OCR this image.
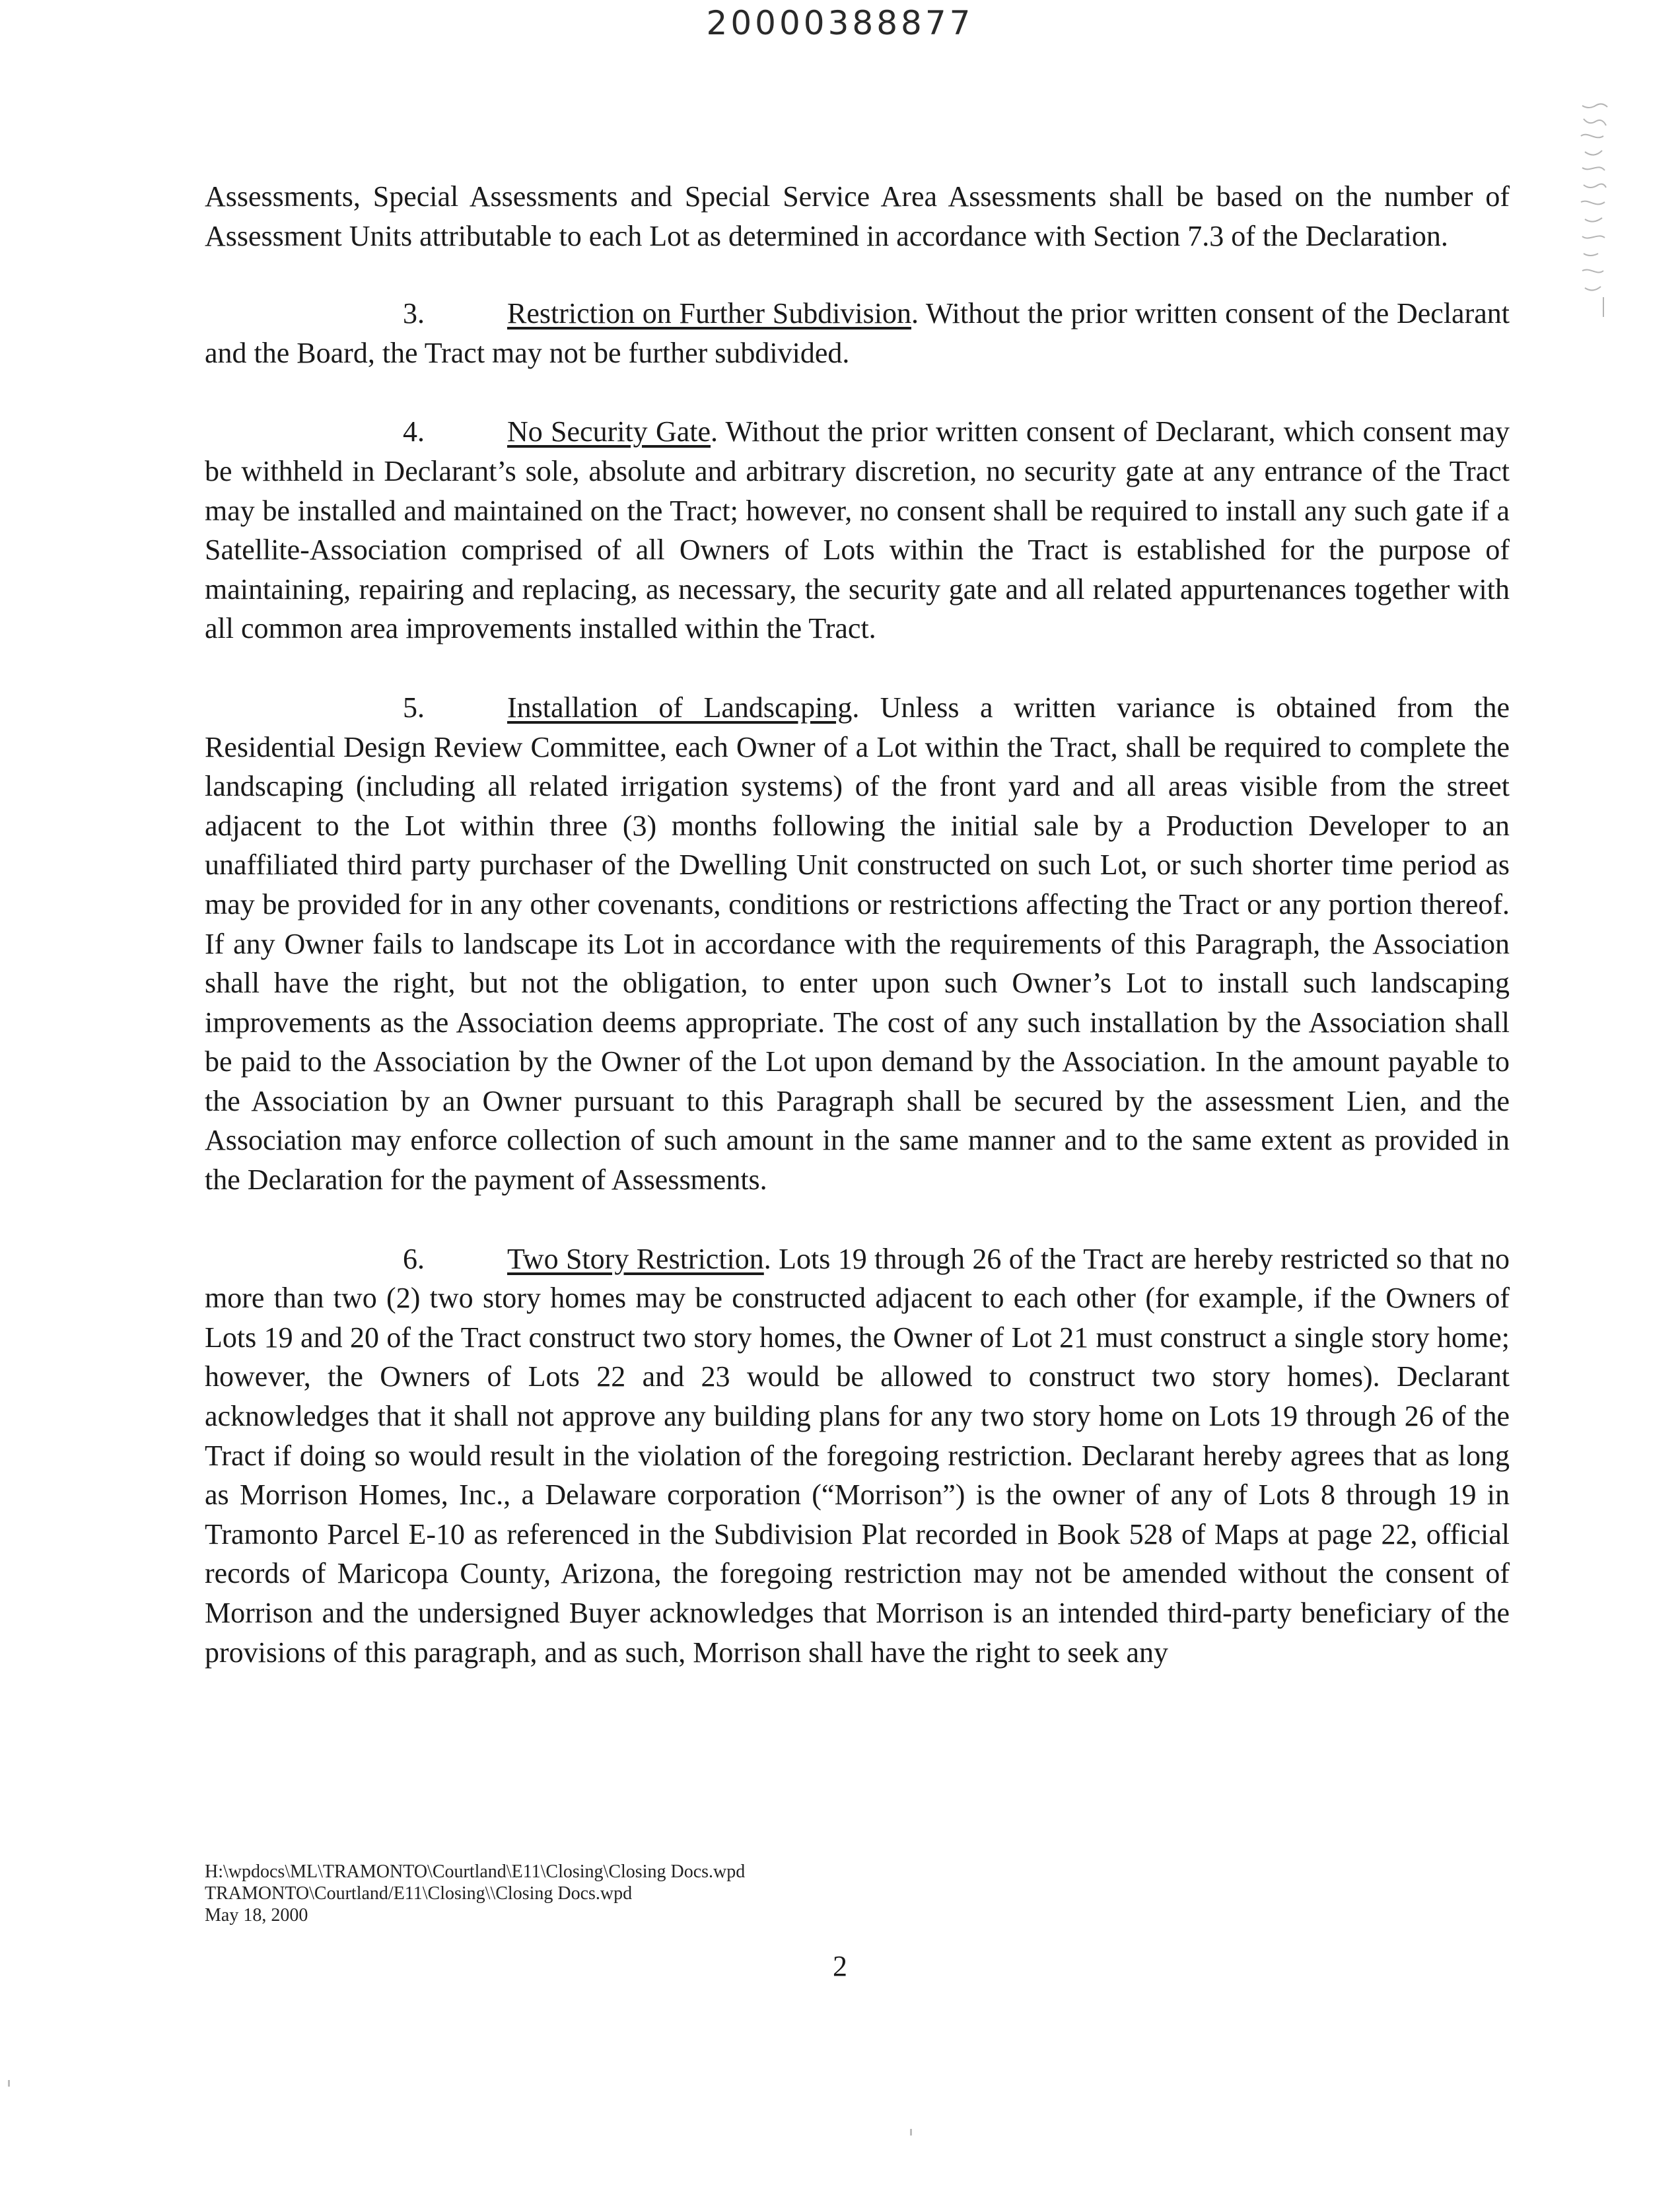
20000388877

Assessments, Special Assessments and Special Service Area Assessments shall be based on the number of Assessment Units attributable to each Lot as determined in accordance with Section 7.3 of the Declaration.

3.	Restriction on Further Subdivision. Without the prior written consent of the Declarant and the Board, the Tract may not be further subdivided.

4.	No Security Gate. Without the prior written consent of Declarant, which consent may be withheld in Declarant’s sole, absolute and arbitrary discretion, no security gate at any entrance of the Tract may be installed and maintained on the Tract; however, no consent shall be required to install any such gate if a Satellite-Association comprised of all Owners of Lots within the Tract is established for the purpose of maintaining, repairing and replacing, as necessary, the security gate and all related appurtenances together with all common area improvements installed within the Tract.

5.	Installation of Landscaping. Unless a written variance is obtained from the Residential Design Review Committee, each Owner of a Lot within the Tract, shall be required to complete the landscaping (including all related irrigation systems) of the front yard and all areas visible from the street adjacent to the Lot within three (3) months following the initial sale by a Production Developer to an unaffiliated third party purchaser of the Dwelling Unit constructed on such Lot, or such shorter time period as may be provided for in any other covenants, conditions or restrictions affecting the Tract or any portion thereof. If any Owner fails to landscape its Lot in accordance with the requirements of this Paragraph, the Association shall have the right, but not the obligation, to enter upon such Owner’s Lot to install such landscaping improvements as the Association deems appropriate. The cost of any such installation by the Association shall be paid to the Association by the Owner of the Lot upon demand by the Association. In the amount payable to the Association by an Owner pursuant to this Paragraph shall be secured by the assessment Lien, and the Association may enforce collection of such amount in the same manner and to the same extent as provided in the Declaration for the payment of Assessments.

6.	Two Story Restriction. Lots 19 through 26 of the Tract are hereby restricted so that no more than two (2) two story homes may be constructed adjacent to each other (for example, if the Owners of Lots 19 and 20 of the Tract construct two story homes, the Owner of Lot 21 must construct a single story home; however, the Owners of Lots 22 and 23 would be allowed to construct two story homes). Declarant acknowledges that it shall not approve any building plans for any two story home on Lots 19 through 26 of the Tract if doing so would result in the violation of the foregoing restriction. Declarant hereby agrees that as long as Morrison Homes, Inc., a Delaware corporation (“Morrison”) is the owner of any of Lots 8 through 19 in Tramonto Parcel E-10 as referenced in the Subdivision Plat recorded in Book 528 of Maps at page 22, official records of Maricopa County, Arizona, the foregoing restriction may not be amended without the consent of Morrison and the undersigned Buyer acknowledges that Morrison is an intended third-party beneficiary of the provisions of this paragraph, and as such, Morrison shall have the right to seek any

H:\wpdocs\ML\TRAMONTO\Courtland\E11\Closing\Closing Docs.wpd
TRAMONTO\Courtland/E11\Closing\\Closing Docs.wpd
May 18, 2000
2
